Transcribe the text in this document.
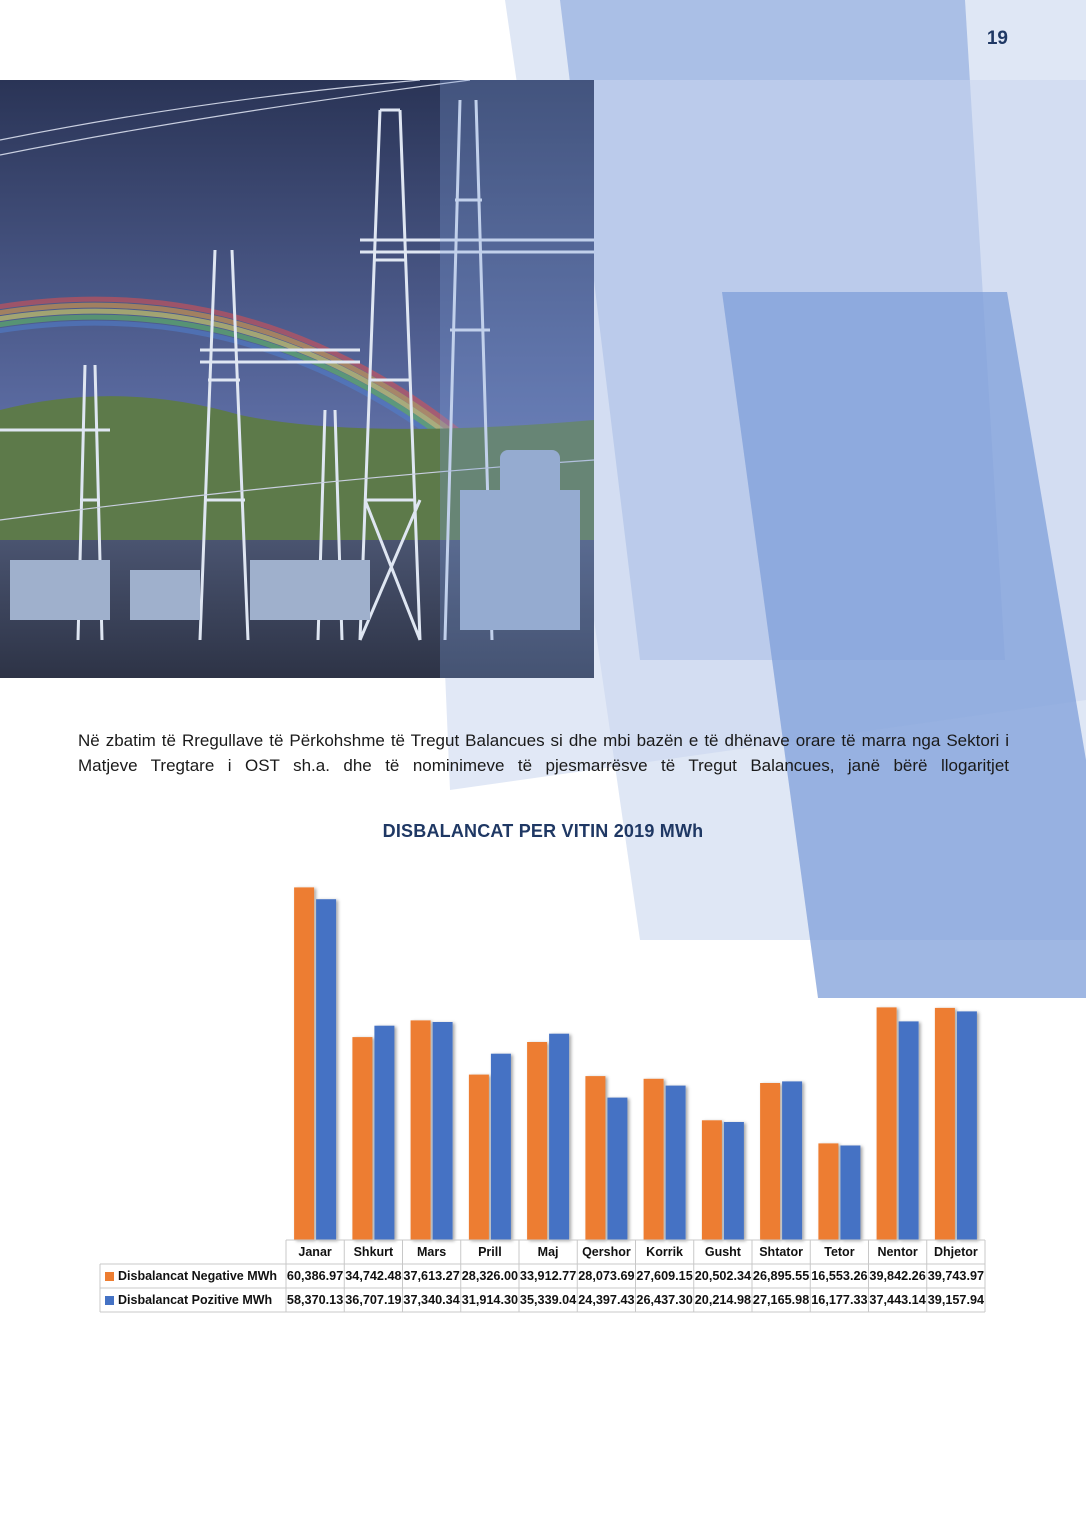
19

Në zbatim të Rregullave të Përkohshme të Tregut Balancues si dhe mbi bazën e të dhënave orare të marra nga Sektori i Matjeve Tregtare i OST sh.a. dhe të nominimeve të pjesmarrësve të Tregut Balancues, janë bërë llogaritjet

DISBALANCAT PER VITIN 2019 MWh
Janar Shkurt Mars	Prill	Maj Qershor Korrik Gusht Shtator Tetor Nentor Dhjetor
Disbalancat Negative MWh 60,386.97 34,742.48 37,613.27 28,326.00 33,912.77 28,073.69 27,609.15 20,502.34 26,895.55 16,553.26 39,842.26 39,743.97
Disbalancat Pozitive MWh 58,370.13 36,707.19 37,340.34 31,914.30 35,339.04 24,397.43 26,437.30 20,214.98 27,165.98 16,177.33 37,443.14 39,157.94
